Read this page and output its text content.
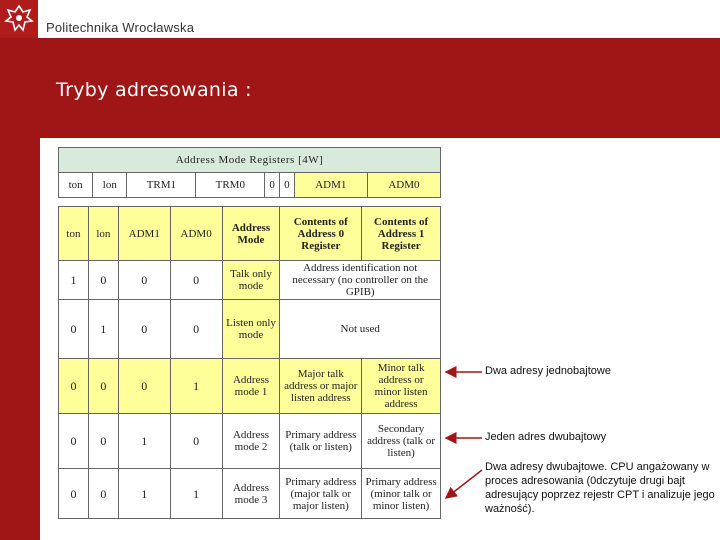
Politechnika Wrocławska
Tryby adresowania :
Address Mode Registers [4W]
ton	lon	TRM1	TRM0	0	0	ADM1	ADM0
ton	lon	ADM1	ADM0	Address Mode	Contents of Address 0 Register	Contents of Address 1 Register
1	0	0	0	Talk only mode	Address identification not necessary (no controller on the GPIB)	
0	1	0	0	Listen only mode	Not used	
0	0	0	1	Address mode 1	Major talk address or major listen address	Minor talk address or minor listen address
0	0	1	0	Address mode 2	Primary address (talk or listen)	Secondary address (talk or listen)
0	0	1	1	Address mode 3	Primary address (major talk or major listen)	Primary address (minor talk or minor listen)
Dwa adresy jednobajtowe
Jeden adres dwubajtowy
Dwa adresy dwubajtowe. CPU angażowany w proces adresowania (0dczytuje drugi bajt adresujący poprzez rejestr CPT i analizuje jego ważność).
